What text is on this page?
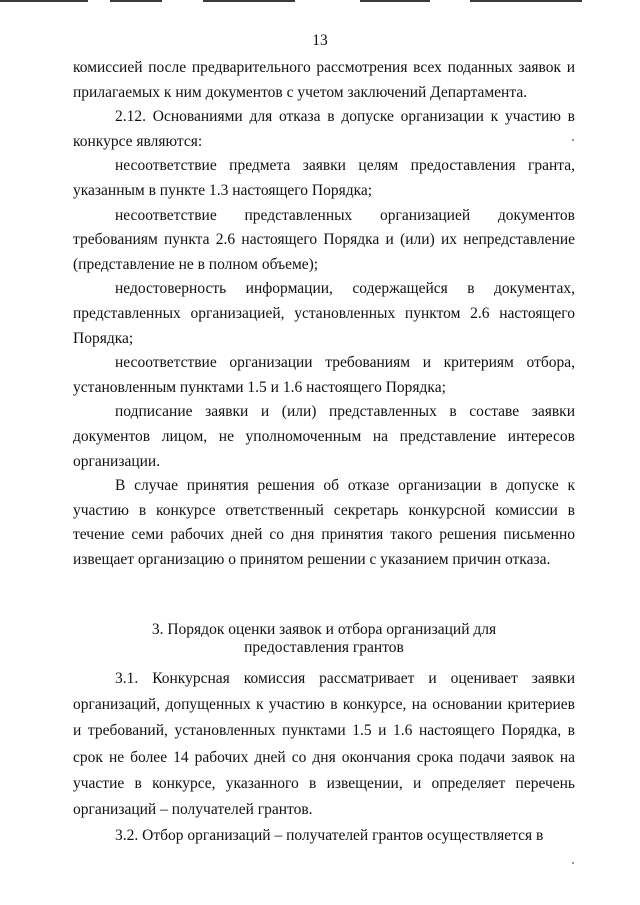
13

комиссией после предварительного рассмотрения всех поданных заявок и прилагаемых к ним документов с учетом заключений Департамента.

2.12. Основаниями для отказа в допуске организации к участию в конкурсе являются:

несоответствие предмета заявки целям предоставления гранта, указанным в пункте 1.3 настоящего Порядка;

несоответствие представленных организацией документов требованиям пункта 2.6 настоящего Порядка и (или) их непредставление (представление не в полном объеме);

недостоверность информации, содержащейся в документах, представленных организацией, установленных пунктом 2.6 настоящего Порядка;

несоответствие организации требованиям и критериям отбора, установленным пунктами 1.5 и 1.6 настоящего Порядка;

подписание заявки и (или) представленных в составе заявки документов лицом, не уполномоченным на представление интересов организации.

В случае принятия решения об отказе организации в допуске к участию в конкурсе ответственный секретарь конкурсной комиссии в течение семи рабочих дней со дня принятия такого решения письменно извещает организацию о принятом решении с указанием причин отказа.

3. Порядок оценки заявок и отбора организаций для
предоставления грантов

3.1. Конкурсная комиссия рассматривает и оценивает заявки организаций, допущенных к участию в конкурсе, на основании критериев и требований, установленных пунктами 1.5 и 1.6 настоящего Порядка, в срок не более 14 рабочих дней со дня окончания срока подачи заявок на участие в конкурсе, указанного в извещении, и определяет перечень организаций – получателей грантов.

3.2. Отбор организаций – получателей грантов осуществляется в
